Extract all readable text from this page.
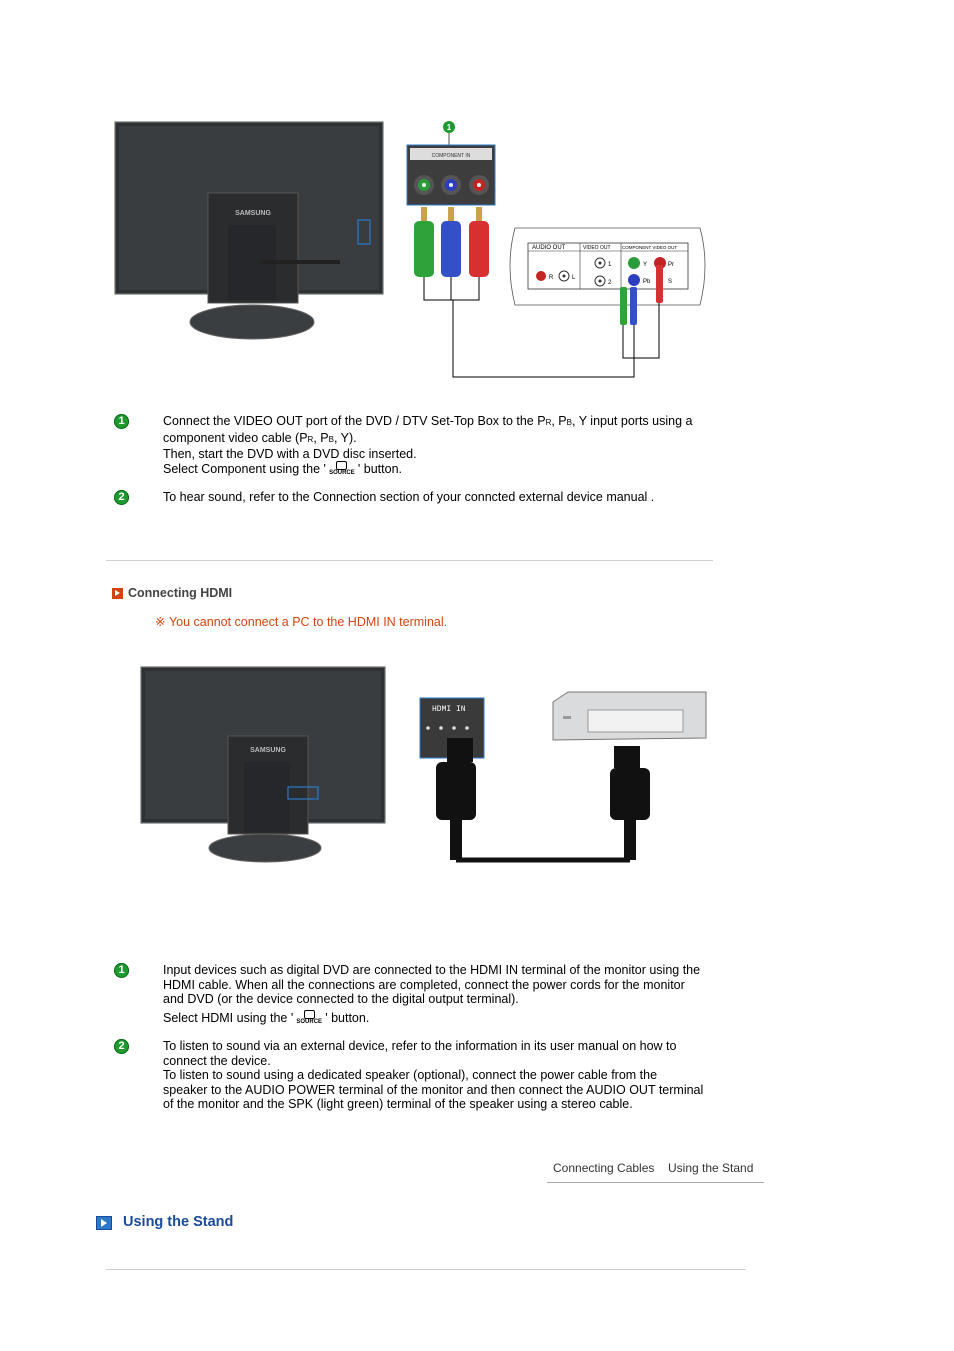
SAMSUNG
1
COMPONENT IN
AUDIO OUT	VIDEO OUT	COMPONENT VIDEO OUT
R	L
1
2
Y	Pr
Pb	S
1	Connect the VIDEO OUT port of the DVD / DTV Set-Top Box to the PR, PB, Y input ports using a
component video cable (PR, PB, Y).
Then, start the DVD with a DVD disc inserted.
Select Component using the ' SOURCE ' button.
2	To hear sound, refer to the Connection section of your conncted external device manual .
Connecting HDMI
※ You cannot connect a PC to the HDMI IN terminal.
SAMSUNG
HDMI IN
1	Input devices such as digital DVD are connected to the HDMI IN terminal of the monitor using the
HDMI cable. When all the connections are completed, connect the power cords for the monitor
and DVD (or the device connected to the digital output terminal).
Select HDMI using the ' SOURCE ' button.
2	To listen to sound via an external device, refer to the information in its user manual on how to
connect the device.
To listen to sound using a dedicated speaker (optional), connect the power cable from the
speaker to the AUDIO POWER terminal of the monitor and then connect the AUDIO OUT terminal
of the monitor and the SPK (light green) terminal of the speaker using a stereo cable.
Connecting Cables Using the Stand
Using the Stand
